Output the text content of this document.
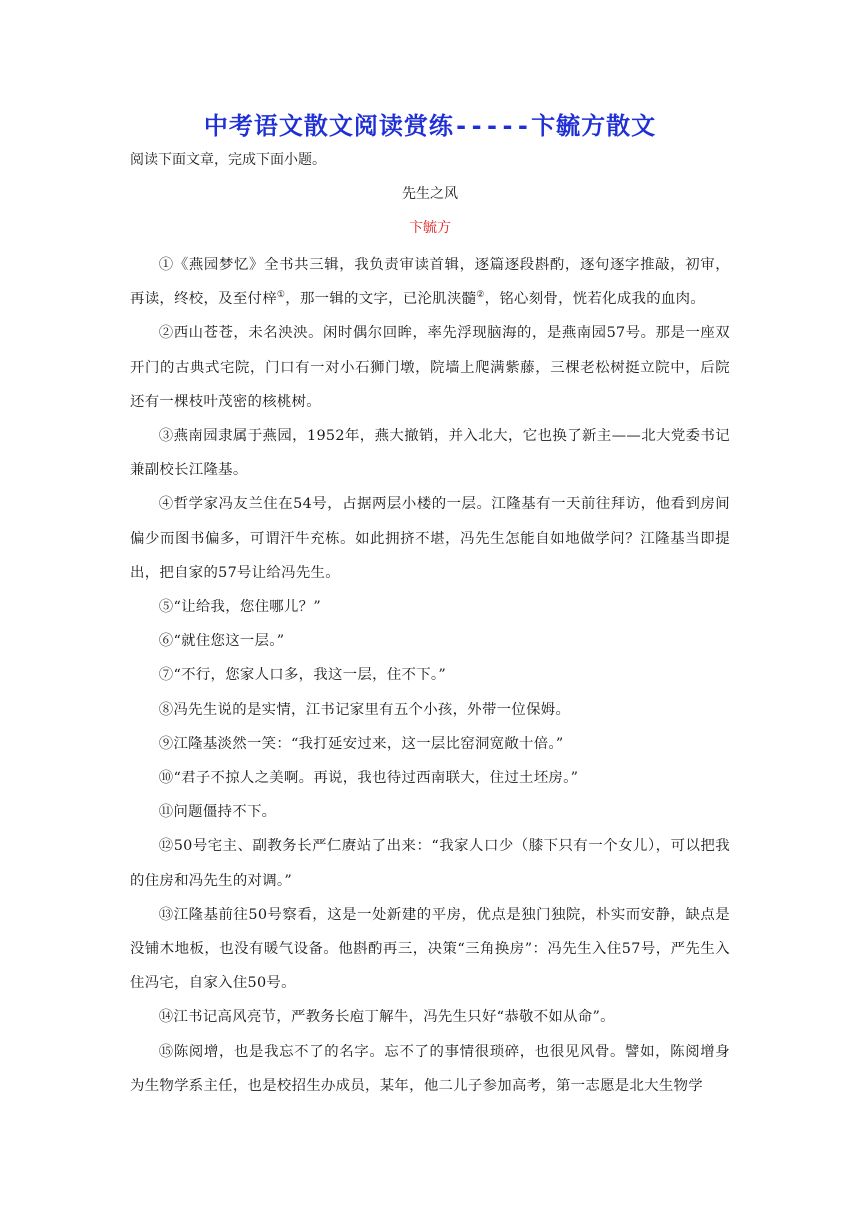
中考语文散文阅读赏练-----卞毓方散文
阅读下面文章，完成下面小题。
先生之风
卞毓方

①《燕园梦忆》全书共三辑，我负责审读首辑，逐篇逐段斟酌，逐句逐字推敲，初审，再读，终校，及至付梓①，那一辑的文字，已沦肌浃髓②，铭心刻骨，恍若化成我的血肉。

②西山苍苍，未名泱泱。闲时偶尔回眸，率先浮现脑海的，是燕南园57号。那是一座双开门的古典式宅院，门口有一对小石狮门墩，院墙上爬满紫藤，三棵老松树挺立院中，后院还有一棵枝叶茂密的核桃树。

③燕南园隶属于燕园，1952年，燕大撤销，并入北大，它也换了新主——北大党委书记兼副校长江隆基。

④哲学家冯友兰住在54号，占据两层小楼的一层。江隆基有一天前往拜访，他看到房间偏少而图书偏多，可谓汗牛充栋。如此拥挤不堪，冯先生怎能自如地做学问？江隆基当即提出，把自家的57号让给冯先生。

⑤“让给我，您住哪儿？”

⑥“就住您这一层。”

⑦“不行，您家人口多，我这一层，住不下。”

⑧冯先生说的是实情，江书记家里有五个小孩，外带一位保姆。

⑨江隆基淡然一笑：“我打延安过来，这一层比窑洞宽敞十倍。”

⑩“君子不掠人之美啊。再说，我也待过西南联大，住过土坯房。”

⑪问题僵持不下。

⑫50号宅主、副教务长严仁赓站了出来：“我家人口少（膝下只有一个女儿），可以把我的住房和冯先生的对调。”

⑬江隆基前往50号察看，这是一处新建的平房，优点是独门独院，朴实而安静，缺点是没铺木地板，也没有暖气设备。他斟酌再三，决策“三角换房”：冯先生入住57号，严先生入住冯宅，自家入住50号。

⑭江书记高风亮节，严教务长庖丁解牛，冯先生只好“恭敬不如从命”。

⑮陈阅增，也是我忘不了的名字。忘不了的事情很琐碎，也很见风骨。譬如，陈阅增身为生物学系主任，也是校招生办成员，某年，他二儿子参加高考，第一志愿是北大生物学
